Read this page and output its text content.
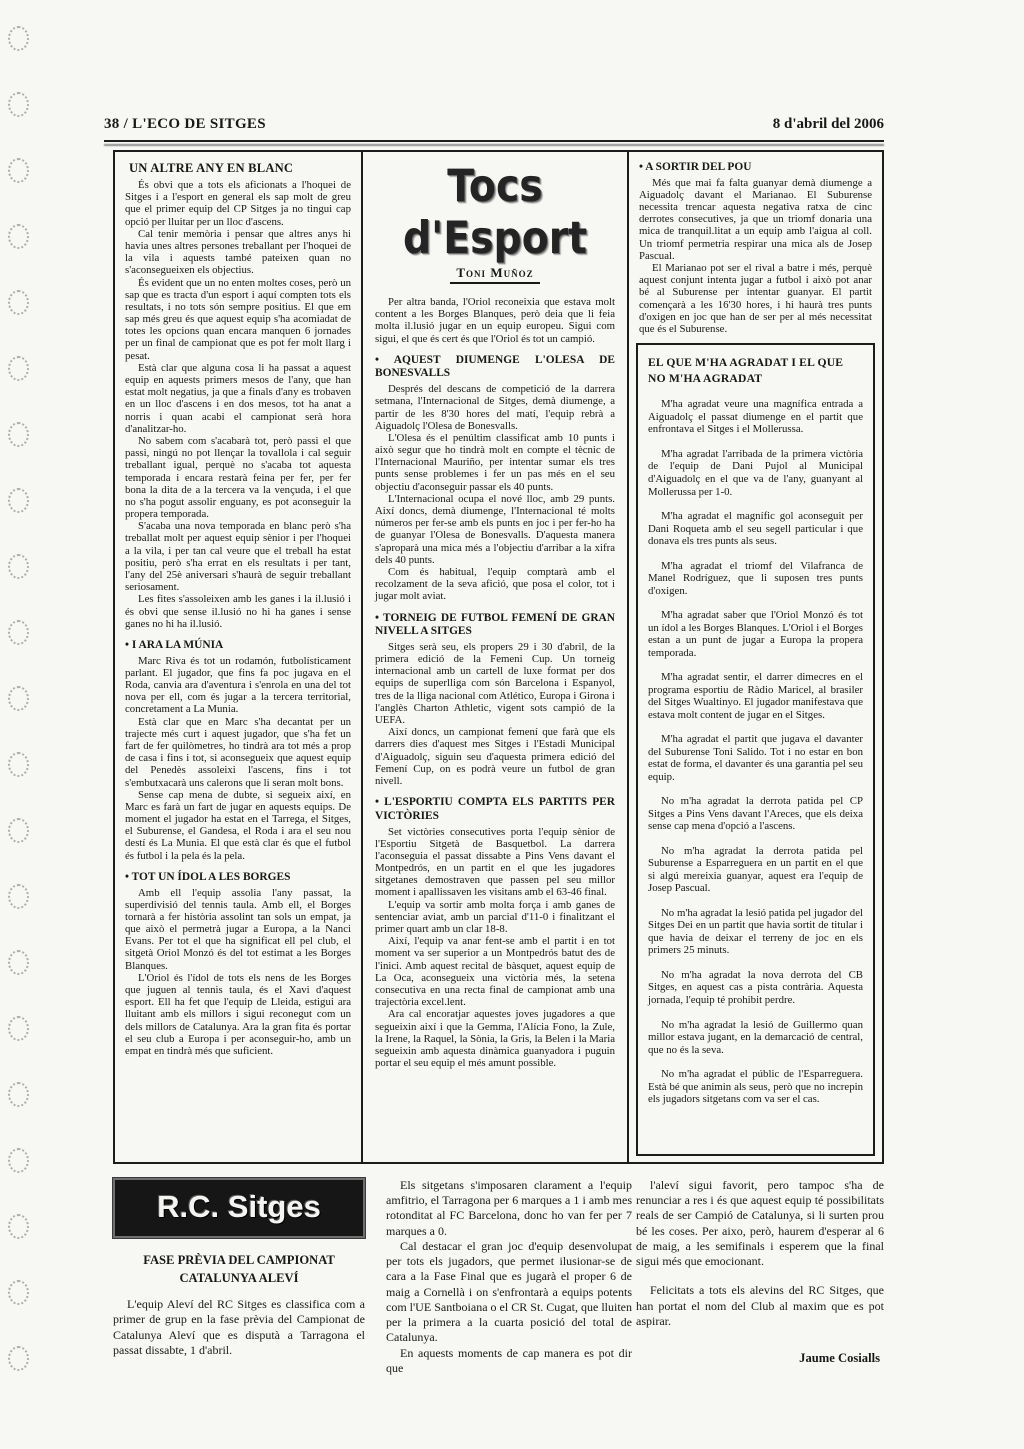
38 / L'ECO DE SITGES	8 d'abril del 2006
UN ALTRE ANY EN BLANC

És obvi que a tots els aficionats a l'hoquei de Sitges i a l'esport en general els sap molt de greu que el primer equip del CP Sitges ja no tingui cap opció per lluitar per un lloc d'ascens.

Cal tenir memòria i pensar que altres anys hi havia unes altres persones treballant per l'hoquei de la vila i aquests també pateixen quan no s'aconsegueixen els objectius.

És evident que un no enten moltes coses, però un sap que es tracta d'un esport i aquí compten tots els resultats, i no tots són sempre positius. El que em sap més greu és que aquest equip s'ha acomiadat de totes les opcions quan encara manquen 6 jornades per un final de campionat que es pot fer molt llarg i pesat.

Està clar que alguna cosa li ha passat a aquest equip en aquests primers mesos de l'any, que han estat molt negatius, ja que a finals d'any es trobaven en un lloc d'ascens i en dos mesos, tot ha anat a norris i quan acabi el campionat serà hora d'analitzar-ho.

No sabem com s'acabarà tot, però passi el que passi, ningú no pot llençar la tovallola i cal seguir treballant igual, perquè no s'acaba tot aquesta temporada i encara restarà feina per fer, per fer bona la dita de a la tercera va la vençuda, i el que no s'ha pogut assolir enguany, es pot aconseguir la propera temporada.

S'acaba una nova temporada en blanc però s'ha treballat molt per aquest equip sènior i per l'hoquei a la vila, i per tan cal veure que el treball ha estat positiu, però s'ha errat en els resultats i per tant, l'any del 25è aniversari s'haurà de seguir treballant seriosament.

Les fites s'assoleixen amb les ganes i la il.lusió i és obvi que sense il.lusió no hi ha ganes i sense ganes no hi ha il.lusió.

• I ARA LA MÚNIA

Marc Riva és tot un rodamón, futbolísticament parlant. El jugador, que fins fa poc jugava en el Roda, canvia ara d'aventura i s'enrola en una del tot nova per ell, com és jugar a la tercera territorial, concretament a La Munia.

Està clar que en Marc s'ha decantat per un trajecte més curt i aquest jugador, que s'ha fet un fart de fer quilòmetres, ho tindrà ara tot més a prop de casa i fins i tot, si aconsegueix que aquest equip del Penedès assoleixi l'ascens, fins i tot s'embutxacarà uns calerons que li seran molt bons.

Sense cap mena de dubte, si segueix així, en Marc es farà un fart de jugar en aquests equips. De moment el jugador ha estat en el Tarrega, el Sitges, el Suburense, el Gandesa, el Roda i ara el seu nou destí és La Munia. El que està clar és que el futbol és futbol i la pela és la pela.

• TOT UN ÍDOL A LES BORGES

Amb ell l'equip assolia l'any passat, la superdivisió del tennis taula. Amb ell, el Borges tornarà a fer història assolint tan sols un empat, ja que això el permetrà jugar a Europa, a la Nanci Evans. Per tot el que ha significat ell pel club, el sitgetà Oriol Monzó és del tot estimat a les Borges Blanques.

L'Oriol és l'ídol de tots els nens de les Borges que juguen al tennis taula, és el Xavi d'aquest esport. Ell ha fet que l'equip de Lleida, estigui ara lluitant amb els millors i sigui reconegut com un dels millors de Catalunya. Ara la gran fita és portar el seu club a Europa i per aconseguir-ho, amb un empat en tindrà més que suficient.

Tocs d'Esport
Toni Muñoz

Per altra banda, l'Oriol reconeixia que estava molt content a les Borges Blanques, però deia que li feia molta il.lusió jugar en un equip europeu. Sigui com sigui, el que és cert és que l'Oriol és tot un campió.

• AQUEST DIUMENGE L'OLESA DE BONESVALLS

Després del descans de competició de la darrera setmana, l'Internacional de Sitges, demà diumenge, a partir de les 8'30 hores del matí, l'equip rebrà a Aiguadolç l'Olesa de Bonesvalls.

L'Olesa és el penúltim classificat amb 10 punts i això segur que ho tindrà molt en compte el tècnic de l'Internacional Mauriño, per intentar sumar els tres punts sense problemes i fer un pas més en el seu objectiu d'aconseguir passar els 40 punts.

L'Internacional ocupa el nové lloc, amb 29 punts. Així doncs, demà diumenge, l'Internacional té molts números per fer-se amb els punts en joc i per fer-ho ha de guanyar l'Olesa de Bonesvalls. D'aquesta manera s'aproparà una mica més a l'objectiu d'arribar a la xifra dels 40 punts.

Com és habitual, l'equip comptarà amb el recolzament de la seva afició, que posa el color, tot i jugar molt aviat.

• TORNEIG DE FUTBOL FEMENÍ DE GRAN NIVELL A SITGES

Sitges serà seu, els propers 29 i 30 d'abril, de la primera edició de la Femeni Cup. Un torneig internacional amb un cartell de luxe format per dos equips de superlliga com són Barcelona i Espanyol, tres de la lliga nacional com Atlético, Europa i Girona i l'anglès Charton Athletic, vigent sots campió de la UEFA.

Així doncs, un campionat femení que farà que els darrers dies d'aquest mes Sitges i l'Estadi Municipal d'Aiguadolç, siguin seu d'aquesta primera edició del Femení Cup, on es podrà veure un futbol de gran nivell.

• L'ESPORTIU COMPTA ELS PARTITS PER VICTÒRIES

Set victòries consecutives porta l'equip sènior de l'Esportiu Sitgetà de Basquetbol. La darrera l'aconseguia el passat dissabte a Pins Vens davant el Montpedrós, en un partit en el que les jugadores sitgetanes demostraven que passen pel seu millor moment i apallissaven les visitans amb el 63-46 final.

L'equip va sortir amb molta força i amb ganes de sentenciar aviat, amb un parcial d'11-0 i finalitzant el primer quart amb un clar 18-8.

Així, l'equip va anar fent-se amb el partit i en tot moment va ser superior a un Montpedrós batut des de l'inici. Amb aquest recital de bàsquet, aquest equip de La Oca, aconsegueix una victòria més, la setena consecutiva en una recta final de campionat amb una trajectòria excel.lent.

Ara cal encoratjar aquestes joves jugadores a que segueixin així i que la Gemma, l'Alícia Fono, la Zule, la Irene, la Raquel, la Sònia, la Gris, la Belen i la Maria segueixin amb aquesta dinàmica guanyadora i puguin portar el seu equip el més amunt possible.

• A SORTIR DEL POU

Més que mai fa falta guanyar demà diumenge a Aiguadolç davant el Marianao. El Suburense necessita trencar aquesta negativa ratxa de cinc derrotes consecutives, ja que un triomf donaria una mica de tranquil.litat a un equip amb l'aigua al coll. Un triomf permetria respirar una mica als de Josep Pascual.

El Marianao pot ser el rival a batre i més, perquè aquest conjunt intenta jugar a futbol i això pot anar bé al Suburense per intentar guanyar. El partit començarà a les 16'30 hores, i hi haurà tres punts d'oxigen en joc que han de ser per al més necessitat que és el Suburense.

EL QUE M'HA AGRADAT I EL QUE NO M'HA AGRADAT

M'ha agradat veure una magnífica entrada a Aiguadolç el passat diumenge en el partit que enfrontava el Sitges i el Mollerussa.

M'ha agradat l'arribada de la primera victòria de l'equip de Dani Pujol al Municipal d'Aiguadolç en el que va de l'any, guanyant al Mollerussa per 1-0.

M'ha agradat el magnífic gol aconseguit per Dani Roqueta amb el seu segell particular i que donava els tres punts als seus.

M'ha agradat el triomf del Vilafranca de Manel Rodríguez, que li suposen tres punts d'oxigen.

M'ha agradat saber que l'Oriol Monzó és tot un ídol a les Borges Blanques. L'Oriol i el Borges estan a un punt de jugar a Europa la propera temporada.

M'ha agradat sentir, el darrer dimecres en el programa esportiu de Ràdio Maricel, al brasiler del Sitges Wualtinyo. El jugador manifestava que estava molt content de jugar en el Sitges.

M'ha agradat el partit que jugava el davanter del Suburense Toni Salido. Tot i no estar en bon estat de forma, el davanter és una garantia pel seu equip.

No m'ha agradat la derrota patida pel CP Sitges a Pins Vens davant l'Areces, que els deixa sense cap mena d'opció a l'ascens.

No m'ha agradat la derrota patida pel Suburense a Esparreguera en un partit en el que si algú mereixia guanyar, aquest era l'equip de Josep Pascual.

No m'ha agradat la lesió patida pel jugador del Sitges Dei en un partit que havia sortit de titular i que havia de deixar el terreny de joc en els primers 25 minuts.

No m'ha agradat la nova derrota del CB Sitges, en aquest cas a pista contrària. Aquesta jornada, l'equip té prohibit perdre.

No m'ha agradat la lesió de Guillermo quan millor estava jugant, en la demarcació de central, que no és la seva.

No m'ha agradat el públic de l'Esparreguera. Està bé que animin als seus, però que no increpin els jugadors sitgetans com va ser el cas.

R.C. Sitges
FASE PRÈVIA DEL CAMPIONAT CATALUNYA ALEVÍ

L'equip Aleví del RC Sitges es classifica com a primer de grup en la fase prèvia del Campionat de Catalunya Aleví que es disputà a Tarragona el passat dissabte, 1 d'abril.

Els sitgetans s'imposaren clarament a l'equip amfitrio, el Tarragona per 6 marques a 1 i amb mes rotonditat al FC Barcelona, donc ho van fer per 7 marques a 0.

Cal destacar el gran joc d'equip desenvolupat per tots els jugadors, que permet ilusionar-se de cara a la Fase Final que es jugarà el proper 6 de maig a Cornellà i on s'enfrontarà a equips potents com l'UE Santboiana o el CR St. Cugat, que lluiten per la primera a la cuarta posició del total de Catalunya.

En aquests moments de cap manera es pot dir que

l'aleví sigui favorit, pero tampoc s'ha de renunciar a res i és que aquest equip té possibilitats reals de ser Campió de Catalunya, si li surten prou bé les coses. Per aixo, però, haurem d'esperar al 6 de maig, a les semifinals i esperem que la final sigui més que emocionant.

Felicitats a tots els alevins del RC Sitges, que han portat el nom del Club al maxim que es pot aspirar.

Jaume Cosialls
